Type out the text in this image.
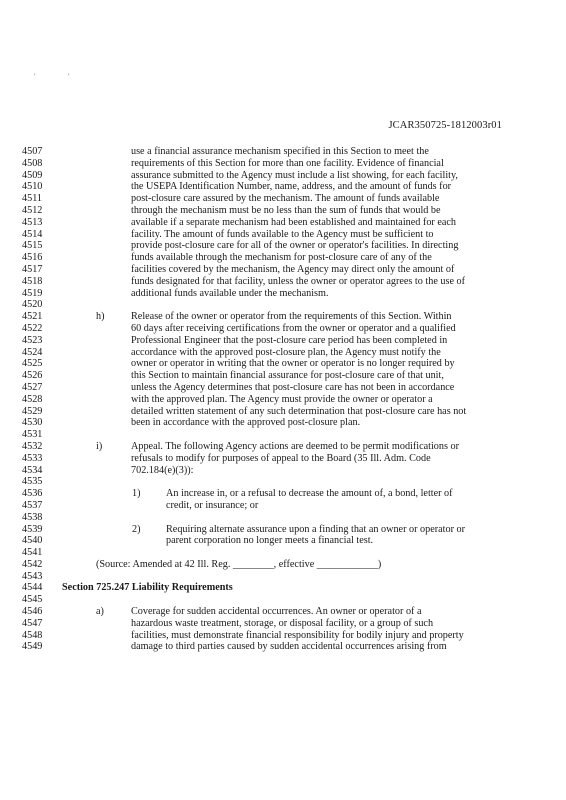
'	'
JCAR350725-1812003r01
4507	use a financial assurance mechanism specified in this Section to meet the
4508	requirements of this Section for more than one facility. Evidence of financial
4509	assurance submitted to the Agency must include a list showing, for each facility,
4510	the USEPA Identification Number, name, address, and the amount of funds for
4511	post-closure care assured by the mechanism. The amount of funds available
4512	through the mechanism must be no less than the sum of funds that would be
4513	available if a separate mechanism had been established and maintained for each
4514	facility. The amount of funds available to the Agency must be sufficient to
4515	provide post-closure care for all of the owner or operator's facilities. In directing
4516	funds available through the mechanism for post-closure care of any of the
4517	facilities covered by the mechanism, the Agency may direct only the amount of
4518	funds designated for that facility, unless the owner or operator agrees to the use of
4519	additional funds available under the mechanism.
4520
4521	h)	Release of the owner or operator from the requirements of this Section. Within
4522	60 days after receiving certifications from the owner or operator and a qualified
4523	Professional Engineer that the post-closure care period has been completed in
4524	accordance with the approved post-closure plan, the Agency must notify the
4525	owner or operator in writing that the owner or operator is no longer required by
4526	this Section to maintain financial assurance for post-closure care of that unit,
4527	unless the Agency determines that post-closure care has not been in accordance
4528	with the approved plan. The Agency must provide the owner or operator a
4529	detailed written statement of any such determination that post-closure care has not
4530	been in accordance with the approved post-closure plan.
4531
4532	i)	Appeal. The following Agency actions are deemed to be permit modifications or
4533	refusals to modify for purposes of appeal to the Board (35 Ill. Adm. Code
4534	702.184(e)(3)):
4535
4536	1)	An increase in, or a refusal to decrease the amount of, a bond, letter of
4537	credit, or insurance; or
4538
4539	2)	Requiring alternate assurance upon a finding that an owner or operator or
4540	parent corporation no longer meets a financial test.
4541
4542	(Source: Amended at 42 Ill. Reg. ________, effective ____________)
4543
4544	Section 725.247 Liability Requirements
4545
4546	a)	Coverage for sudden accidental occurrences. An owner or operator of a
4547	hazardous waste treatment, storage, or disposal facility, or a group of such
4548	facilities, must demonstrate financial responsibility for bodily injury and property
4549	damage to third parties caused by sudden accidental occurrences arising from
